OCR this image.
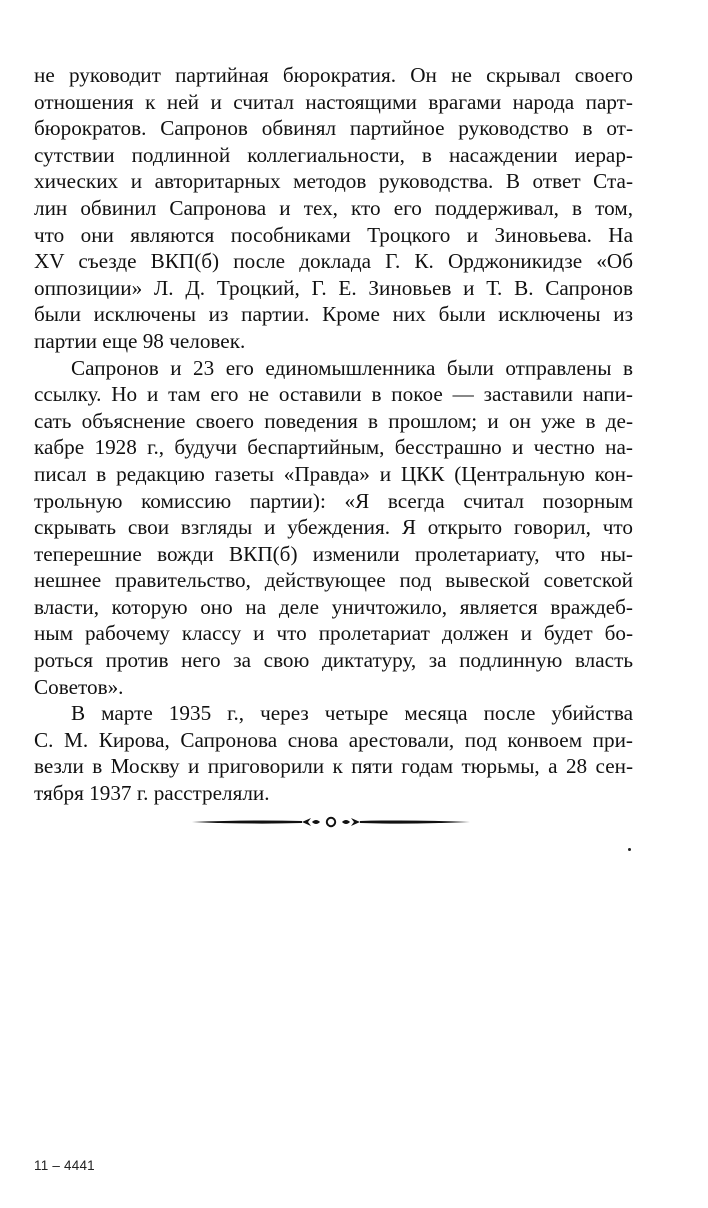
не руководит партийная бюрократия. Он не скрывал своего
отношения к ней и считал настоящими врагами народа парт-
бюрократов. Сапронов обвинял партийное руководство в от-
сутствии подлинной коллегиальности, в насаждении иерар-
хических и авторитарных методов руководства. В ответ Ста-
лин обвинил Сапронова и тех, кто его поддерживал, в том,
что они являются пособниками Троцкого и Зиновьева. На
XV съезде ВКП(б) после доклада Г. К. Орджоникидзе «Об
оппозиции» Л. Д. Троцкий, Г. Е. Зиновьев и Т. В. Сапронов
были исключены из партии. Кроме них были исключены из
партии еще 98 человек.
Сапронов и 23 его единомышленника были отправлены в
ссылку. Но и там его не оставили в покое — заставили напи-
сать объяснение своего поведения в прошлом; и он уже в де-
кабре 1928 г., будучи беспартийным, бесстрашно и честно на-
писал в редакцию газеты «Правда» и ЦКК (Центральную кон-
трольную комиссию партии): «Я всегда считал позорным
скрывать свои взгляды и убеждения. Я открыто говорил, что
теперешние вожди ВКП(б) изменили пролетариату, что ны-
нешнее правительство, действующее под вывеской советской
власти, которую оно на деле уничтожило, является враждеб-
ным рабочему классу и что пролетариат должен и будет бо-
роться против него за свою диктатуру, за подлинную власть
Советов».
В марте 1935 г., через четыре месяца после убийства
С. М. Кирова, Сапронова снова арестовали, под конвоем при-
везли в Москву и приговорили к пяти годам тюрьмы, а 28 сен-
тября 1937 г. расстреляли.
11 – 4441
